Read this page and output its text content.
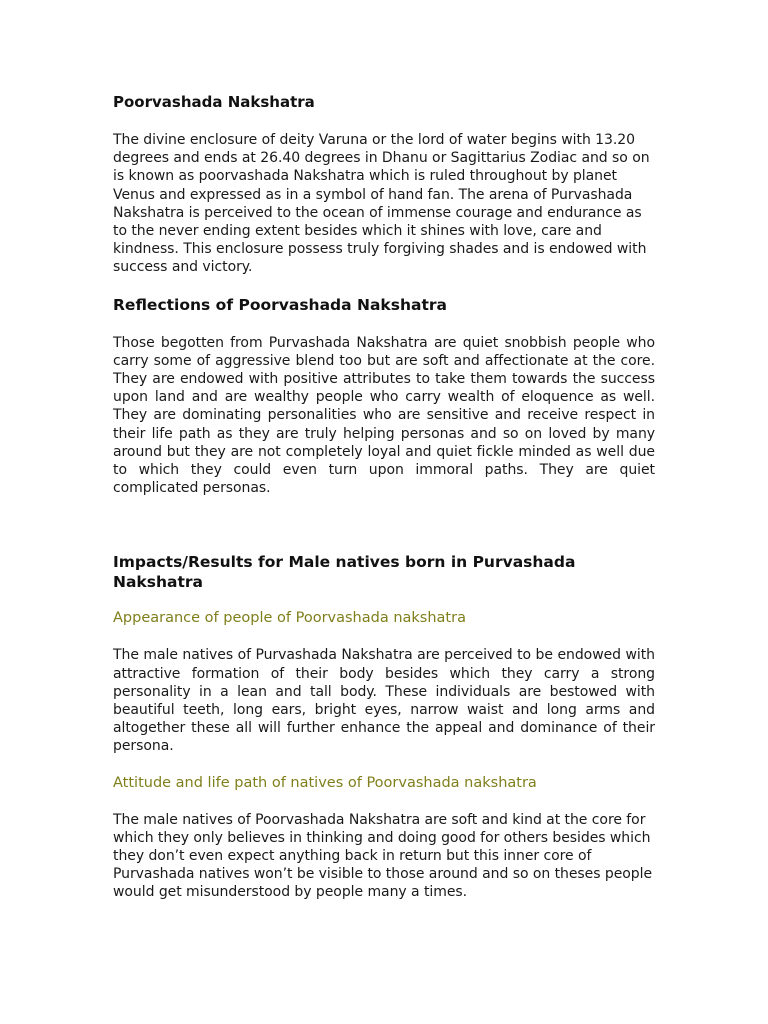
Poorvashada Nakshatra

The divine enclosure of deity Varuna or the lord of water begins with 13.20 degrees and ends at 26.40 degrees in Dhanu or Sagittarius Zodiac and so on is known as poorvashada Nakshatra which is ruled throughout by planet Venus and expressed as in a symbol of hand fan. The arena of Purvashada Nakshatra is perceived to the ocean of immense courage and endurance as to the never ending extent besides which it shines with love, care and kindness. This enclosure possess truly forgiving shades and is endowed with success and victory.

Reflections of Poorvashada Nakshatra

Those begotten from Purvashada Nakshatra are quiet snobbish people who carry some of aggressive blend too but are soft and affectionate at the core. They are endowed with positive attributes to take them towards the success upon land and are wealthy people who carry wealth of eloquence as well. They are dominating personalities who are sensitive and receive respect in their life path as they are truly helping personas and so on loved by many around but they are not completely loyal and quiet fickle minded as well due to which they could even turn upon immoral paths. They are quiet complicated personas.

Impacts/Results for Male natives born in Purvashada Nakshatra
Appearance of people of Poorvashada nakshatra

The male natives of Purvashada Nakshatra are perceived to be endowed with attractive formation of their body besides which they carry a strong personality in a lean and tall body. These individuals are bestowed with beautiful teeth, long ears, bright eyes, narrow waist and long arms and altogether these all will further enhance the appeal and dominance of their persona.

Attitude and life path of natives of Poorvashada nakshatra

The male natives of Poorvashada Nakshatra are soft and kind at the core for which they only believes in thinking and doing good for others besides which they don’t even expect anything back in return but this inner core of Purvashada natives won’t be visible to those around and so on theses people would get misunderstood by people many a times.
